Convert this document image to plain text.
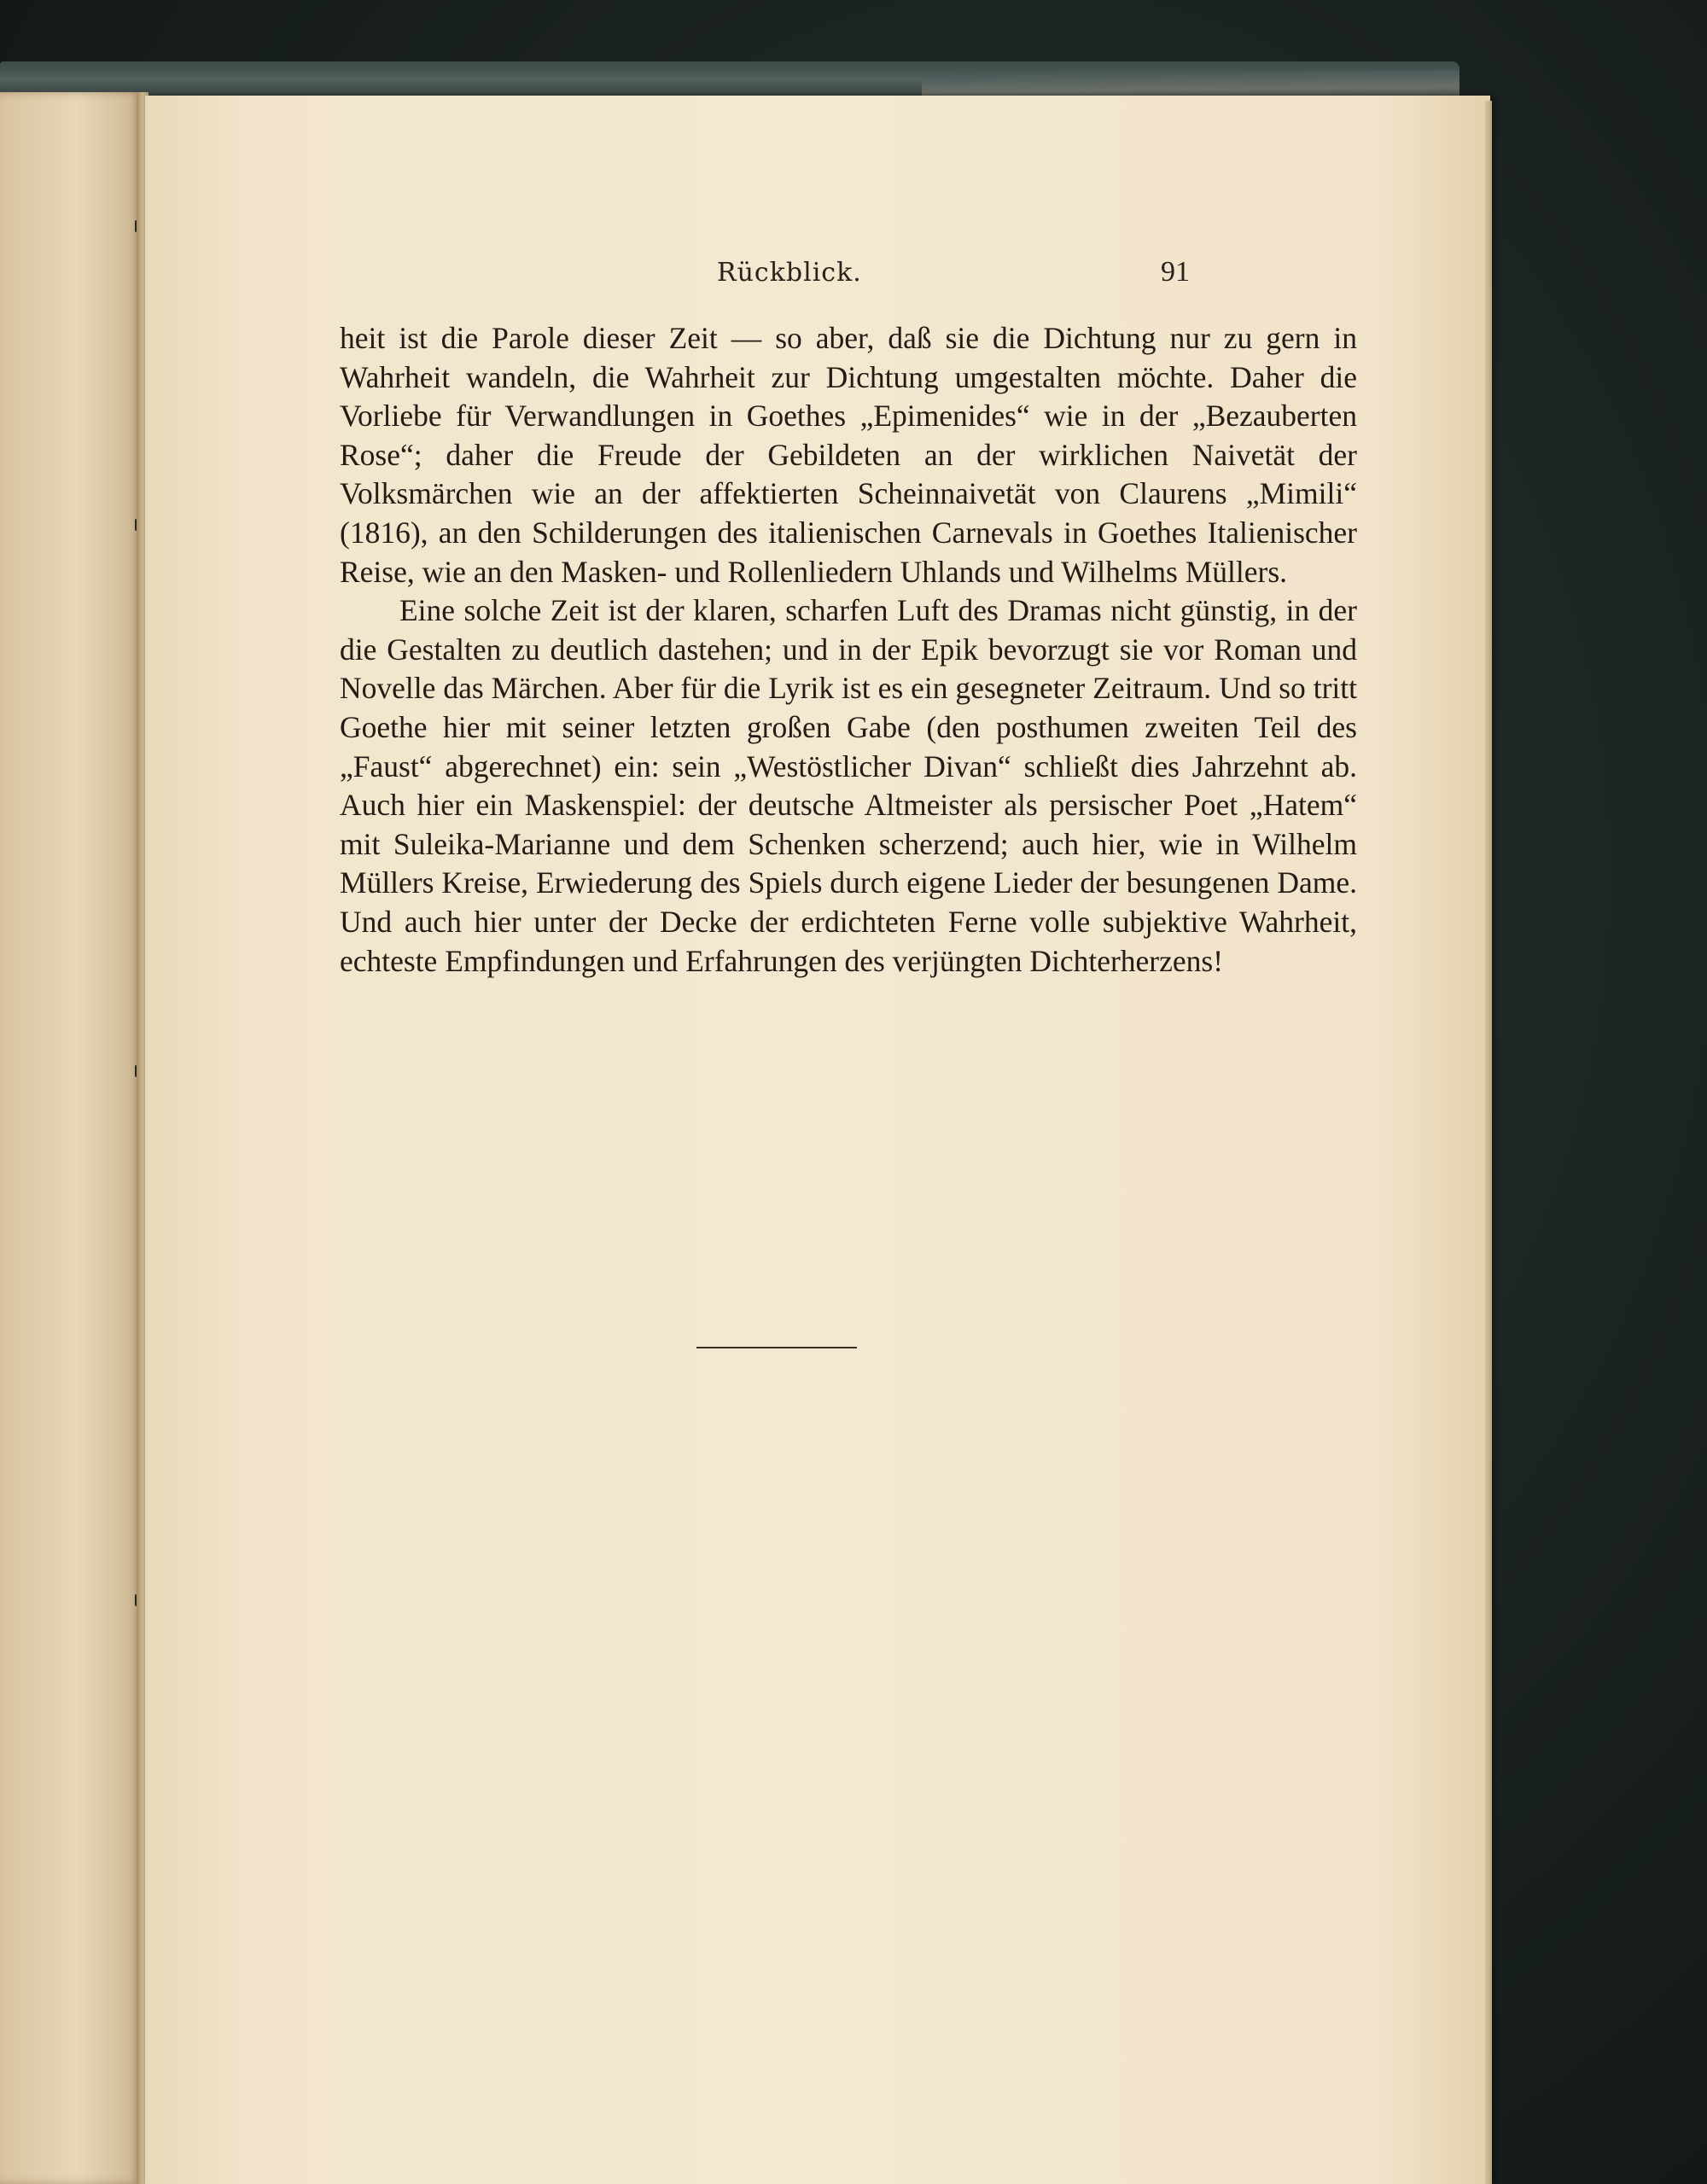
Rückblick.	91

heit ist die Parole dieser Zeit — so aber, daß sie die Dichtung nur zu gern in Wahrheit wandeln, die Wahrheit zur Dichtung umgestalten möchte. Daher die Vorliebe für Verwandlungen in Goethes „Epimenides“ wie in der „Bezauberten Rose“; daher die Freude der Gebildeten an der wirklichen Naivetät der Volksmärchen wie an der affektierten Scheinnaivetät von Claurens „Mimili“ (1816), an den Schilderungen des italienischen Carnevals in Goethes Italienischer Reise, wie an den Masken- und Rollenliedern Uhlands und Wilhelms Müllers.

Eine solche Zeit ist der klaren, scharfen Luft des Dramas nicht günstig, in der die Gestalten zu deutlich dastehen; und in der Epik bevorzugt sie vor Roman und Novelle das Märchen. Aber für die Lyrik ist es ein gesegneter Zeitraum. Und so tritt Goethe hier mit seiner letzten großen Gabe (den posthumen zweiten Teil des „Faust“ abgerechnet) ein: sein „Westöstlicher Divan“ schließt dies Jahrzehnt ab. Auch hier ein Maskenspiel: der deutsche Altmeister als persischer Poet „Hatem“ mit Suleika-Marianne und dem Schenken scherzend; auch hier, wie in Wilhelm Müllers Kreise, Erwiederung des Spiels durch eigene Lieder der besungenen Dame. Und auch hier unter der Decke der erdichteten Ferne volle subjektive Wahrheit, echteste Empfindungen und Erfahrungen des verjüngten Dichterherzens!
